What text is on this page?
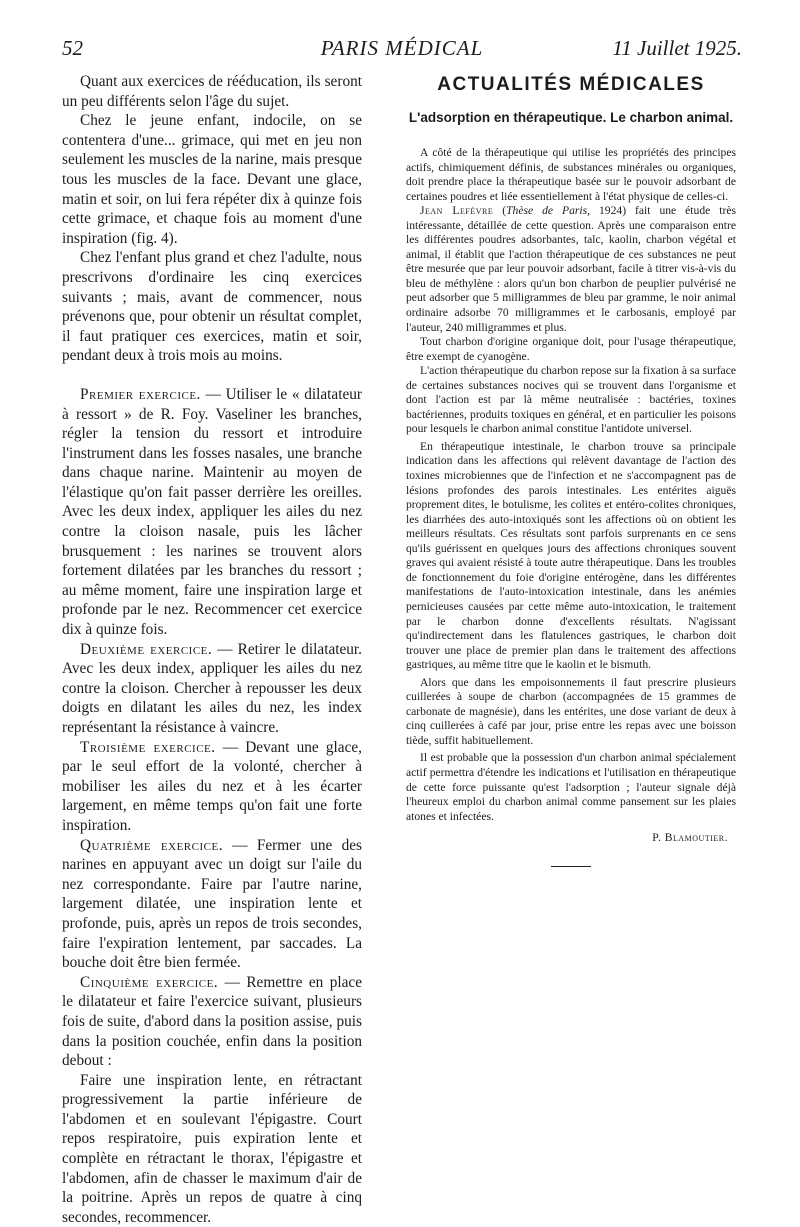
52	PARIS MÉDICAL	11 Juillet 1925.

Quant aux exercices de rééducation, ils seront un peu différents selon l'âge du sujet.

Chez le jeune enfant, indocile, on se contentera d'une... grimace, qui met en jeu non seulement les muscles de la narine, mais presque tous les muscles de la face. Devant une glace, matin et soir, on lui fera répéter dix à quinze fois cette grimace, et chaque fois au moment d'une inspiration (fig. 4).

Chez l'enfant plus grand et chez l'adulte, nous prescrivons d'ordinaire les cinq exercices suivants ; mais, avant de commencer, nous prévenons que, pour obtenir un résultat complet, il faut pratiquer ces exercices, matin et soir, pendant deux à trois mois au moins.

Premier exercice. — Utiliser le « dilatateur à ressort » de R. Foy. Vaseliner les branches, régler la tension du ressort et introduire l'instrument dans les fosses nasales, une branche dans chaque narine. Maintenir au moyen de l'élastique qu'on fait passer derrière les oreilles. Avec les deux index, appliquer les ailes du nez contre la cloison nasale, puis les lâcher brusquement : les narines se trouvent alors fortement dilatées par les branches du ressort ; au même moment, faire une inspiration large et profonde par le nez. Recommencer cet exercice dix à quinze fois.

Deuxième exercice. — Retirer le dilatateur. Avec les deux index, appliquer les ailes du nez contre la cloison. Chercher à repousser les deux doigts en dilatant les ailes du nez, les index représentant la résistance à vaincre.

Troisième exercice. — Devant une glace, par le seul effort de la volonté, chercher à mobiliser les ailes du nez et à les écarter largement, en même temps qu'on fait une forte inspiration.

Quatrième exercice. — Fermer une des narines en appuyant avec un doigt sur l'aile du nez correspondante. Faire par l'autre narine, largement dilatée, une inspiration lente et profonde, puis, après un repos de trois secondes, faire l'expiration lentement, par saccades. La bouche doit être bien fermée.

Cinquième exercice. — Remettre en place le dilatateur et faire l'exercice suivant, plusieurs fois de suite, d'abord dans la position assise, puis dans la position couchée, enfin dans la position debout :

Faire une inspiration lente, en rétractant progressivement la partie inférieure de l'abdomen et en soulevant l'épigastre. Court repos respiratoire, puis expiration lente et complète en rétractant le thorax, l'épigastre et l'abdomen, afin de chasser le maximum d'air de la poitrine. Après un repos de quatre à cinq secondes, recommencer.

ACTUALITÉS MÉDICALES
L'adsorption en thérapeutique. Le charbon animal.

A côté de la thérapeutique qui utilise les propriétés des principes actifs, chimiquement définis, de substances minérales ou organiques, doit prendre place la thérapeutique basée sur le pouvoir adsorbant de certaines poudres et liée essentiellement à l'état physique de celles-ci.

Jean Lefèvre (Thèse de Paris, 1924) fait une étude très intéressante, détaillée de cette question. Après une comparaison entre les différentes poudres adsorbantes, talc, kaolin, charbon végétal et animal, il établit que l'action thérapeutique de ces substances ne peut être mesurée que par leur pouvoir adsorbant, facile à titrer vis-à-vis du bleu de méthylène : alors qu'un bon charbon de peuplier pulvérisé ne peut adsorber que 5 milligrammes de bleu par gramme, le noir animal ordinaire adsorbe 70 milligrammes et le carbosanis, employé par l'auteur, 240 milligrammes et plus.

Tout charbon d'origine organique doit, pour l'usage thérapeutique, être exempt de cyanogène.

L'action thérapeutique du charbon repose sur la fixation à sa surface de certaines substances nocives qui se trouvent dans l'organisme et dont l'action est par là même neutralisée : bactéries, toxines bactériennes, produits toxiques en général, et en particulier les poisons pour lesquels le charbon animal constitue l'antidote universel.

En thérapeutique intestinale, le charbon trouve sa principale indication dans les affections qui relèvent davantage de l'action des toxines microbiennes que de l'infection et ne s'accompagnent pas de lésions profondes des parois intestinales. Les entérites aiguës proprement dites, le botulisme, les colites et entéro-colites chroniques, les diarrhées des auto-intoxiqués sont les affections où on obtient les meilleurs résultats. Ces résultats sont parfois surprenants en ce sens qu'ils guérissent en quelques jours des affections chroniques souvent graves qui avaient résisté à toute autre thérapeutique. Dans les troubles de fonctionnement du foie d'origine entérogène, dans les différentes manifestations de l'auto-intoxication intestinale, dans les anémies pernicieuses causées par cette même auto-intoxication, le traitement par le charbon donne d'excellents résultats. N'agissant qu'indirectement dans les flatulences gastriques, le charbon doit trouver une place de premier plan dans le traitement des affections gastriques, au même titre que le kaolin et le bismuth.

Alors que dans les empoisonnements il faut prescrire plusieurs cuillerées à soupe de charbon (accompagnées de 15 grammes de carbonate de magnésie), dans les entérites, une dose variant de deux à cinq cuillerées à café par jour, prise entre les repas avec une boisson tiède, suffit habituellement.

Il est probable que la possession d'un charbon animal spécialement actif permettra d'étendre les indications et l'utilisation en thérapeutique de cette force puissante qu'est l'adsorption ; l'auteur signale déjà l'heureux emploi du charbon animal comme pansement sur les plaies atones et infectées.

P. Blamoutier.
